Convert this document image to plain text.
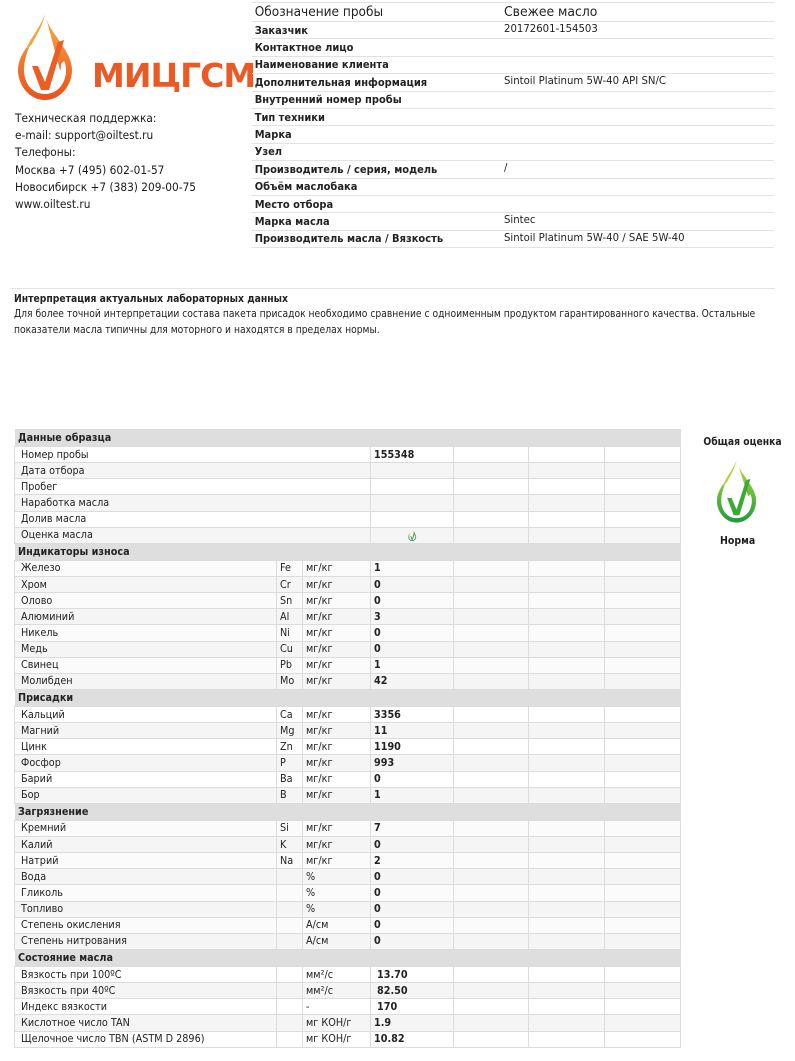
МИЦГСМ
Техническая поддержка:
e-mail: support@oiltest.ru
Телефоны:
Москва +7 (495) 602-01-57
Новосибирск +7 (383) 209-00-75
www.oiltest.ru
Обозначение пробы	Свежее масло
Заказчик	20172601-154503
Контактное лицо
Наименование клиента
Дополнительная информация	Sintoil Platinum 5W-40 API SN/C
Внутренний номер пробы
Тип техники
Марка
Узел
Производитель / серия, модель	/
Объём маслобака
Место отбора
Марка масла	Sintec
Производитель масла / Вязкость	Sintoil Platinum 5W-40 / SAE 5W-40
Интерпретация актуальных лабораторных данных

Для более точной интерпретации состава пакета присадок необходимо сравнение с одноименным продуктом гарантированного качества. Остальные показатели масла типичны для моторного и находятся в пределах нормы.

Данные образца						
Номер пробы			155348			
Дата отбора						
Пробег						
Наработка масла						
Долив масла						
Оценка масла				
Индикаторы износа						
Железо	Fe	мг/кг	1			
Хром	Cr	мг/кг	0			
Олово	Sn	мг/кг	0			
Алюминий	Al	мг/кг	3			
Никель	Ni	мг/кг	0			
Медь	Cu	мг/кг	0			
Свинец	Pb	мг/кг	1			
Молибден	Mo	мг/кг	42			
Присадки						
Кальций	Ca	мг/кг	3356			
Магний	Mg	мг/кг	11			
Цинк	Zn	мг/кг	1190			
Фосфор	P	мг/кг	993			
Барий	Ba	мг/кг	0			
Бор	B	мг/кг	1			
Загрязнение						
Кремний	Si	мг/кг	7			
Калий	K	мг/кг	0			
Натрий	Na	мг/кг	2			
Вода		%	0			
Гликоль		%	0			
Топливо		%	0			
Степень окисления		А/см	0			
Степень нитрования		А/см	0			
Состояние масла						
Вязкость при 100ºС		мм²/с	13.70			
Вязкость при 40ºС		мм²/с	82.50			
Индекс вязкости		-	170			
Кислотное число TAN		мг КОН/г	1.9			
Щелочное число TBN (ASTM D 2896)		мг КОН/г	10.82			
Общая оценка
Норма
